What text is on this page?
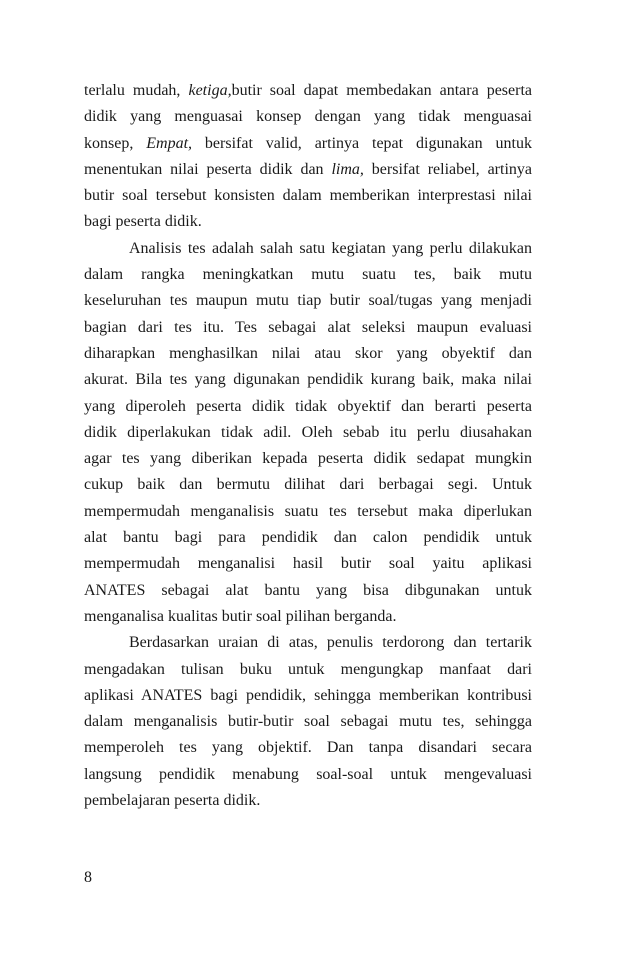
terlalu mudah, ketiga,butir soal dapat membedakan antara peserta
didik yang menguasai konsep dengan yang tidak menguasai
konsep, Empat, bersifat valid, artinya tepat digunakan untuk
menentukan nilai peserta didik dan lima, bersifat reliabel, artinya
butir soal tersebut konsisten dalam memberikan interprestasi nilai
bagi peserta didik.
Analisis tes adalah salah satu kegiatan yang perlu dilakukan
dalam rangka meningkatkan mutu suatu tes, baik mutu
keseluruhan tes maupun mutu tiap butir soal/tugas yang menjadi
bagian dari tes itu. Tes sebagai alat seleksi maupun evaluasi
diharapkan menghasilkan nilai atau skor yang obyektif dan
akurat. Bila tes yang digunakan pendidik kurang baik, maka nilai
yang diperoleh peserta didik tidak obyektif dan berarti peserta
didik diperlakukan tidak adil. Oleh sebab itu perlu diusahakan
agar tes yang diberikan kepada peserta didik sedapat mungkin
cukup baik dan bermutu dilihat dari berbagai segi. Untuk
mempermudah menganalisis suatu tes tersebut maka diperlukan
alat bantu bagi para pendidik dan calon pendidik untuk
mempermudah menganalisi hasil butir soal yaitu aplikasi
ANATES sebagai alat bantu yang bisa dibgunakan untuk
menganalisa kualitas butir soal pilihan berganda.
Berdasarkan uraian di atas, penulis terdorong dan tertarik
mengadakan tulisan buku untuk mengungkap manfaat dari
aplikasi ANATES bagi pendidik, sehingga memberikan kontribusi
dalam menganalisis butir-butir soal sebagai mutu tes, sehingga
memperoleh tes yang objektif. Dan tanpa disandari secara
langsung pendidik menabung soal-soal untuk mengevaluasi
pembelajaran peserta didik.
8
